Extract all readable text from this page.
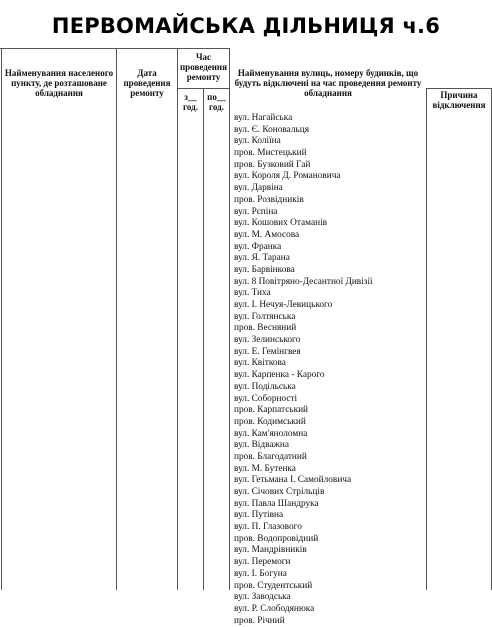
ПЕРВОМАЙСЬКА ДІЛЬНИЦЯ ч.6
Найменування населеного пункту, де розташоване обладнання
Дата проведення ремонту
Час проведення ремонту
з__ год.
по__ год.
Найменування вулиць, номеру будинків, що будуть відключені на час проведення ремонту обладнання	Причина відключення
вул. Нагайська
вул. Є. Коновальця
вул. Коліїна
пров. Мистецький
пров. Бузковий Гай
вул. Короля Д. Романовича
вул. Дарвіна
пров. Розвідників
вул. Рєпіна
вул. Кошових Отаманів
вул. М. Амосова
вул. Франка
вул. Я. Тарана
вул. Барвінкова
вул. 8 Повітряно-Десантної Дивізії
вул. Тиха
вул. І. Нечуя-Левицького
вул. Голтянська
пров. Весняний
вул. Зелинського
вул. Е. Гемінгвея
вул. Квіткова
вул. Карпенка - Карого
вул. Подільська
вул. Соборності
пров. Карпатський
пров. Кодимський
вул. Кам'янoломна
вул. Відважна
пров. Благодатний
вул. М. Бутенка
вул. Гетьмана І. Самойловича
вул. Січових Стрільців
вул. Павла Шандрука
вул. Путівна
вул. П. Глазового
пров. Водопровідний
вул. Мандрівників
вул. Перемоги
вул. І. Богуна
пров. Студентський
вул. Заводська
вул. Р. Слободянюка
пров. Річний
